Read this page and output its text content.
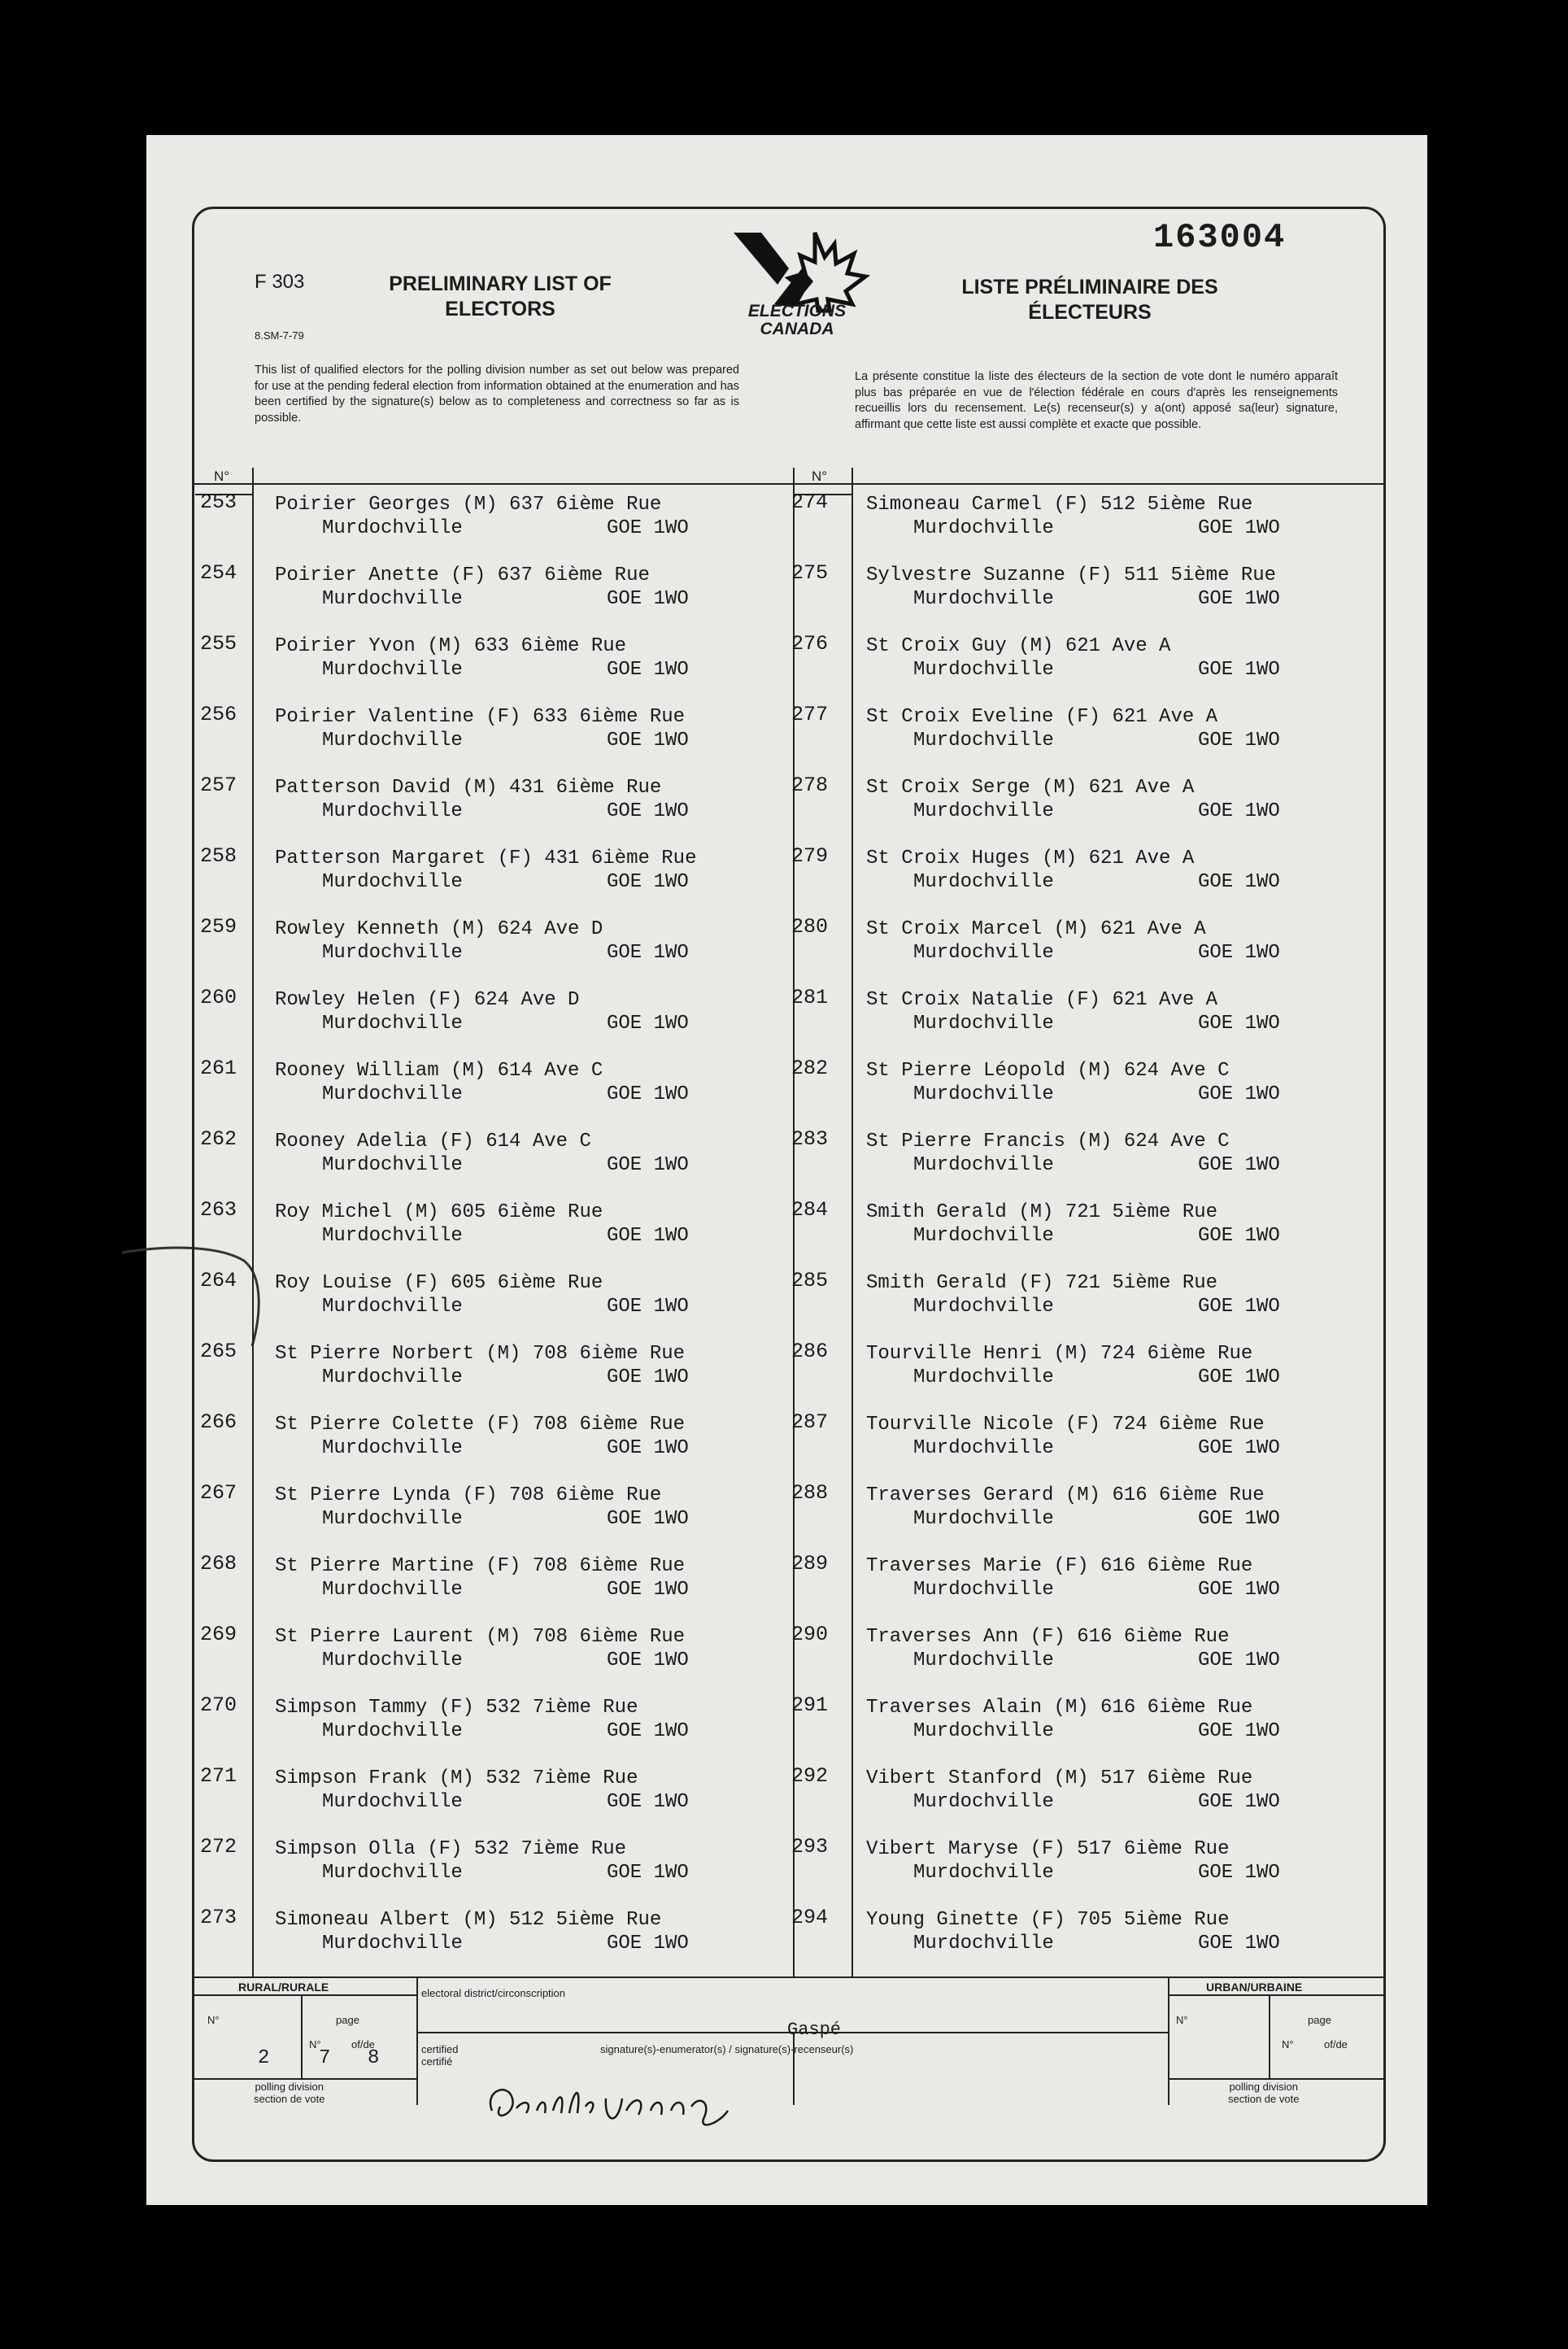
163004
F 303
8.SM-7-79
PRELIMINARY LIST OF
ELECTORS
LISTE PRÉLIMINAIRE DES
ÉLECTEURS
ELECTIONS
CANADA
This list of qualified electors for the polling division number as set out below was prepared for use at the pending federal election from information obtained at the enumeration and has been certified by the signature(s) below as to completeness and correctness so far as is possible.
La présente constitue la liste des électeurs de la section de vote dont le numéro apparaît plus bas préparée en vue de l'élection fédérale en cours d'après les renseignements recueillis lors du recensement. Le(s) recenseur(s) y a(ont) apposé sa(leur) signature, affirmant que cette liste est aussi complète et exacte que possible.
N°	N°
253 Poirier Georges (M) 637 6ième Rue
Murdochville	GOE 1WO
254 Poirier Anette (F) 637 6ième Rue
Murdochville	GOE 1WO
255 Poirier Yvon (M) 633 6ième Rue
Murdochville	GOE 1WO
256 Poirier Valentine (F) 633 6ième Rue
Murdochville	GOE 1WO
257 Patterson David (M) 431 6ième Rue
Murdochville	GOE 1WO
258 Patterson Margaret (F) 431 6ième Rue
Murdochville	GOE 1WO
259 Rowley Kenneth (M) 624 Ave D
Murdochville	GOE 1WO
260 Rowley Helen (F) 624 Ave D
Murdochville	GOE 1WO
261 Rooney William (M) 614 Ave C
Murdochville	GOE 1WO
262 Rooney Adelia (F) 614 Ave C
Murdochville	GOE 1WO
263 Roy Michel (M) 605 6ième Rue
Murdochville	GOE 1WO
264 Roy Louise (F) 605 6ième Rue
Murdochville	GOE 1WO
265 St Pierre Norbert (M) 708 6ième Rue
Murdochville	GOE 1WO
266 St Pierre Colette (F) 708 6ième Rue
Murdochville	GOE 1WO
267 St Pierre Lynda (F) 708 6ième Rue
Murdochville	GOE 1WO
268 St Pierre Martine (F) 708 6ième Rue
Murdochville	GOE 1WO
269 St Pierre Laurent (M) 708 6ième Rue
Murdochville	GOE 1WO
270 Simpson Tammy (F) 532 7ième Rue
Murdochville	GOE 1WO
271 Simpson Frank (M) 532 7ième Rue
Murdochville	GOE 1WO
272 Simpson Olla (F) 532 7ième Rue
Murdochville	GOE 1WO
273 Simoneau Albert (M) 512 5ième Rue
Murdochville	GOE 1WO
274 Simoneau Carmel (F) 512 5ième Rue
Murdochville	GOE 1WO
275 Sylvestre Suzanne (F) 511 5ième Rue
Murdochville	GOE 1WO
276 St Croix Guy (M) 621 Ave A
Murdochville	GOE 1WO
277 St Croix Eveline (F) 621 Ave A
Murdochville	GOE 1WO
278 St Croix Serge (M) 621 Ave A
Murdochville	GOE 1WO
279 St Croix Huges (M) 621 Ave A
Murdochville	GOE 1WO
280 St Croix Marcel (M) 621 Ave A
Murdochville	GOE 1WO
281 St Croix Natalie (F) 621 Ave A
Murdochville	GOE 1WO
282 St Pierre Léopold (M) 624 Ave C
Murdochville	GOE 1WO
283 St Pierre Francis (M) 624 Ave C
Murdochville	GOE 1WO
284 Smith Gerald (M) 721 5ième Rue
Murdochville	GOE 1WO
285 Smith Gerald (F) 721 5ième Rue
Murdochville	GOE 1WO
286 Tourville Henri (M) 724 6ième Rue
Murdochville	GOE 1WO
287 Tourville Nicole (F) 724 6ième Rue
Murdochville	GOE 1WO
288 Traverses Gerard (M) 616 6ième Rue
Murdochville	GOE 1WO
289 Traverses Marie (F) 616 6ième Rue
Murdochville	GOE 1WO
290 Traverses Ann (F) 616 6ième Rue
Murdochville	GOE 1WO
291 Traverses Alain (M) 616 6ième Rue
Murdochville	GOE 1WO
292 Vibert Stanford (M) 517 6ième Rue
Murdochville	GOE 1WO
293 Vibert Maryse (F) 517 6ième Rue
Murdochville	GOE 1WO
294 Young Ginette (F) 705 5ième Rue
Murdochville	GOE 1WO
RURAL/RURALE	URBAN/URBAINE
N°	page
N°	of/de
2	7 8
polling division
section de vote
N°	page
N°	of/de
polling division
section de vote
electoral district/circonscription
Gaspé
certified
certifié
signature(s)-enumerator(s) / signature(s)-recenseur(s)
